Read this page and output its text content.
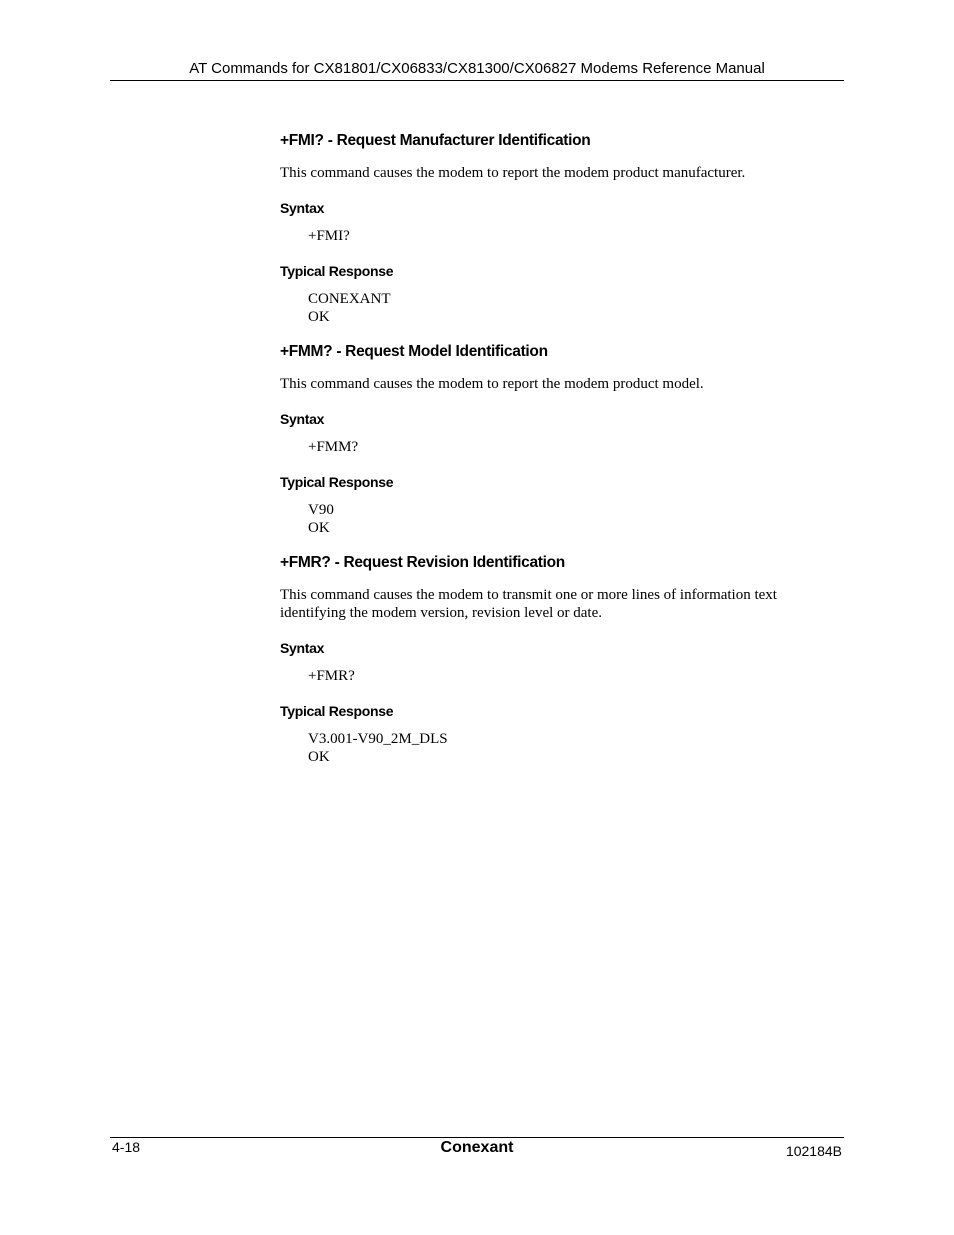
AT Commands for CX81801/CX06833/CX81300/CX06827 Modems Reference Manual
+FMI? - Request Manufacturer Identification

This command causes the modem to report the modem product manufacturer.

Syntax
+FMI?
Typical Response
CONEXANT
OK
+FMM? - Request Model Identification

This command causes the modem to report the modem product model.

Syntax
+FMM?
Typical Response
V90
OK
+FMR? - Request Revision Identification

This command causes the modem to transmit one or more lines of information text identifying the modem version, revision level or date.

Syntax
+FMR?
Typical Response
V3.001-V90_2M_DLS
OK
4-18	Conexant	102184B
